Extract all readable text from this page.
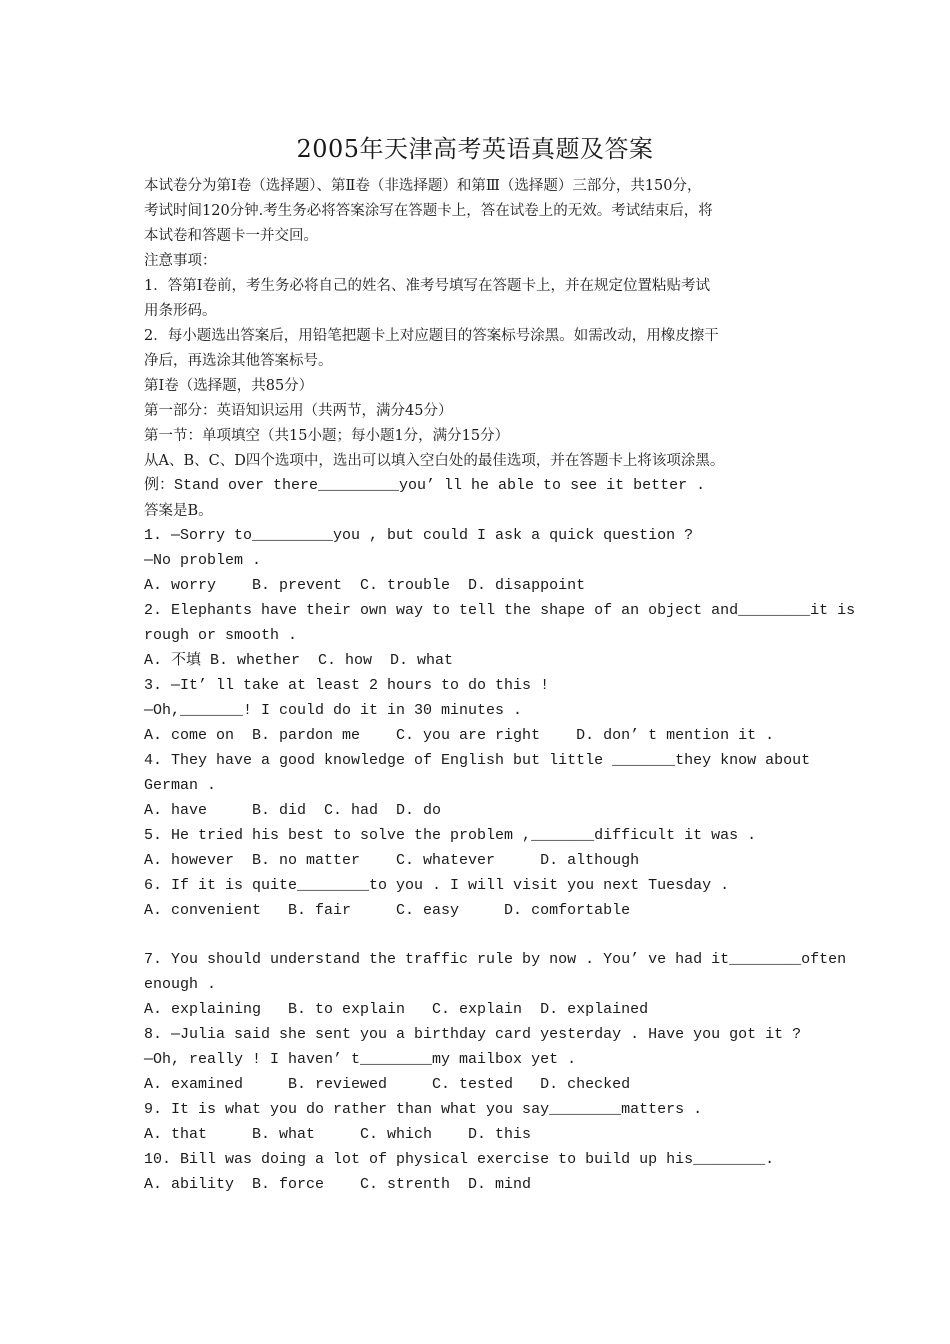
2005年天津高考英语真题及答案
本试卷分为第Ⅰ卷（选择题）、第Ⅱ卷（非选择题）和第Ⅲ（选择题）三部分，共150分，
考试时间120分钟.考生务必将答案涂写在答题卡上，答在试卷上的无效。考试结束后，将
本试卷和答题卡一并交回。
注意事项：
1．答第Ⅰ卷前，考生务必将自己的姓名、准考号填写在答题卡上，并在规定位置粘贴考试
用条形码。
2．每小题选出答案后，用铅笔把题卡上对应题目的答案标号涂黑。如需改动，用橡皮擦干
净后，再选涂其他答案标号。
第Ⅰ卷（选择题，共85分）
第一部分：英语知识运用（共两节，满分45分）
第一节：单项填空（共15小题；每小题1分，满分15分）
从A、B、C、D四个选项中，选出可以填入空白处的最佳选项，并在答题卡上将该项涂黑。
例：Stand over there_________you’ ll he able to see it better .
答案是B。
1. —Sorry to_________you , but could I ask a quick question ?
—No problem .
A. worry    B. prevent  C. trouble  D. disappoint
2. Elephants have their own way to tell the shape of an object and________it is
rough or smooth .
A. 不填 B. whether  C. how  D. what
3. —It’ ll take at least 2 hours to do this !
—Oh,_______! I could do it in 30 minutes .
A. come on  B. pardon me    C. you are right    D. don’ t mention it .
4. They have a good knowledge of English but little _______they know about
German .
A. have     B. did  C. had  D. do
5. He tried his best to solve the problem ,_______difficult it was .
A. however  B. no matter    C. whatever     D. although
6. If it is quite________to you . I will visit you next Tuesday .
A. convenient   B. fair     C. easy     D. comfortable
7. You should understand the traffic rule by now . You’ ve had it________often
enough .
A. explaining   B. to explain   C. explain  D. explained
8. —Julia said she sent you a birthday card yesterday . Have you got it ?
—Oh, really ! I haven’ t________my mailbox yet .
A. examined     B. reviewed     C. tested   D. checked
9. It is what you do rather than what you say________matters .
A. that     B. what     C. which    D. this
10. Bill was doing a lot of physical exercise to build up his________.
A. ability  B. force    C. strenth  D. mind
